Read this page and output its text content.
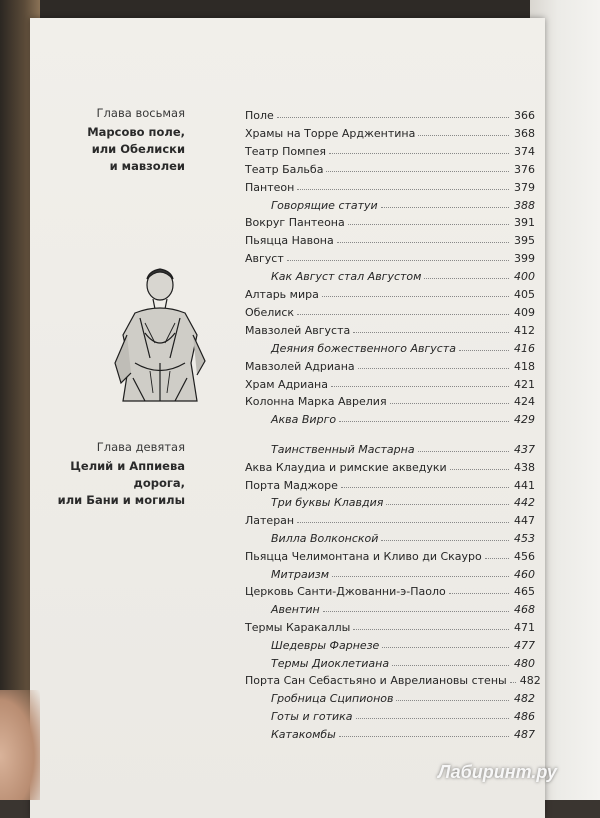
Глава восьмая
Марсово поле,
или Обелиски
и мавзолеи
Глава девятая
Целий и Аппиева дорога,
или Бани и могилы
Поле	366
Храмы на Торре Арджентина	368
Театр Помпея	374
Театр Бальба	376
Пантеон	379
Говорящие статуи	388
Вокруг Пантеона	391
Пьяцца Навона	395
Август	399
Как Август стал Августом	400
Алтарь мира	405
Обелиск	409
Мавзолей Августа	412
Деяния божественного Августа	416
Мавзолей Адриана	418
Храм Адриана	421
Колонна Марка Аврелия	424
Аква Вирго	429
Таинственный Мастарна	437
Аква Клаудиа и римские акведуки	438
Порта Маджоре	441
Три буквы Клавдия	442
Латеран	447
Вилла Волконской	453
Пьяцца Челимонтана и Кливо ди Скауро	456
Митраизм	460
Церковь Санти-Джованни-э-Паоло	465
Авентин	468
Термы Каракаллы	471
Шедевры Фарнезе	477
Термы Диоклетиана	480
Порта Сан Себастьяно и Аврелиановы стены	482
Гробница Сципионов	482
Готы и готика	486
Катакомбы	487
Лабиринт.ру
